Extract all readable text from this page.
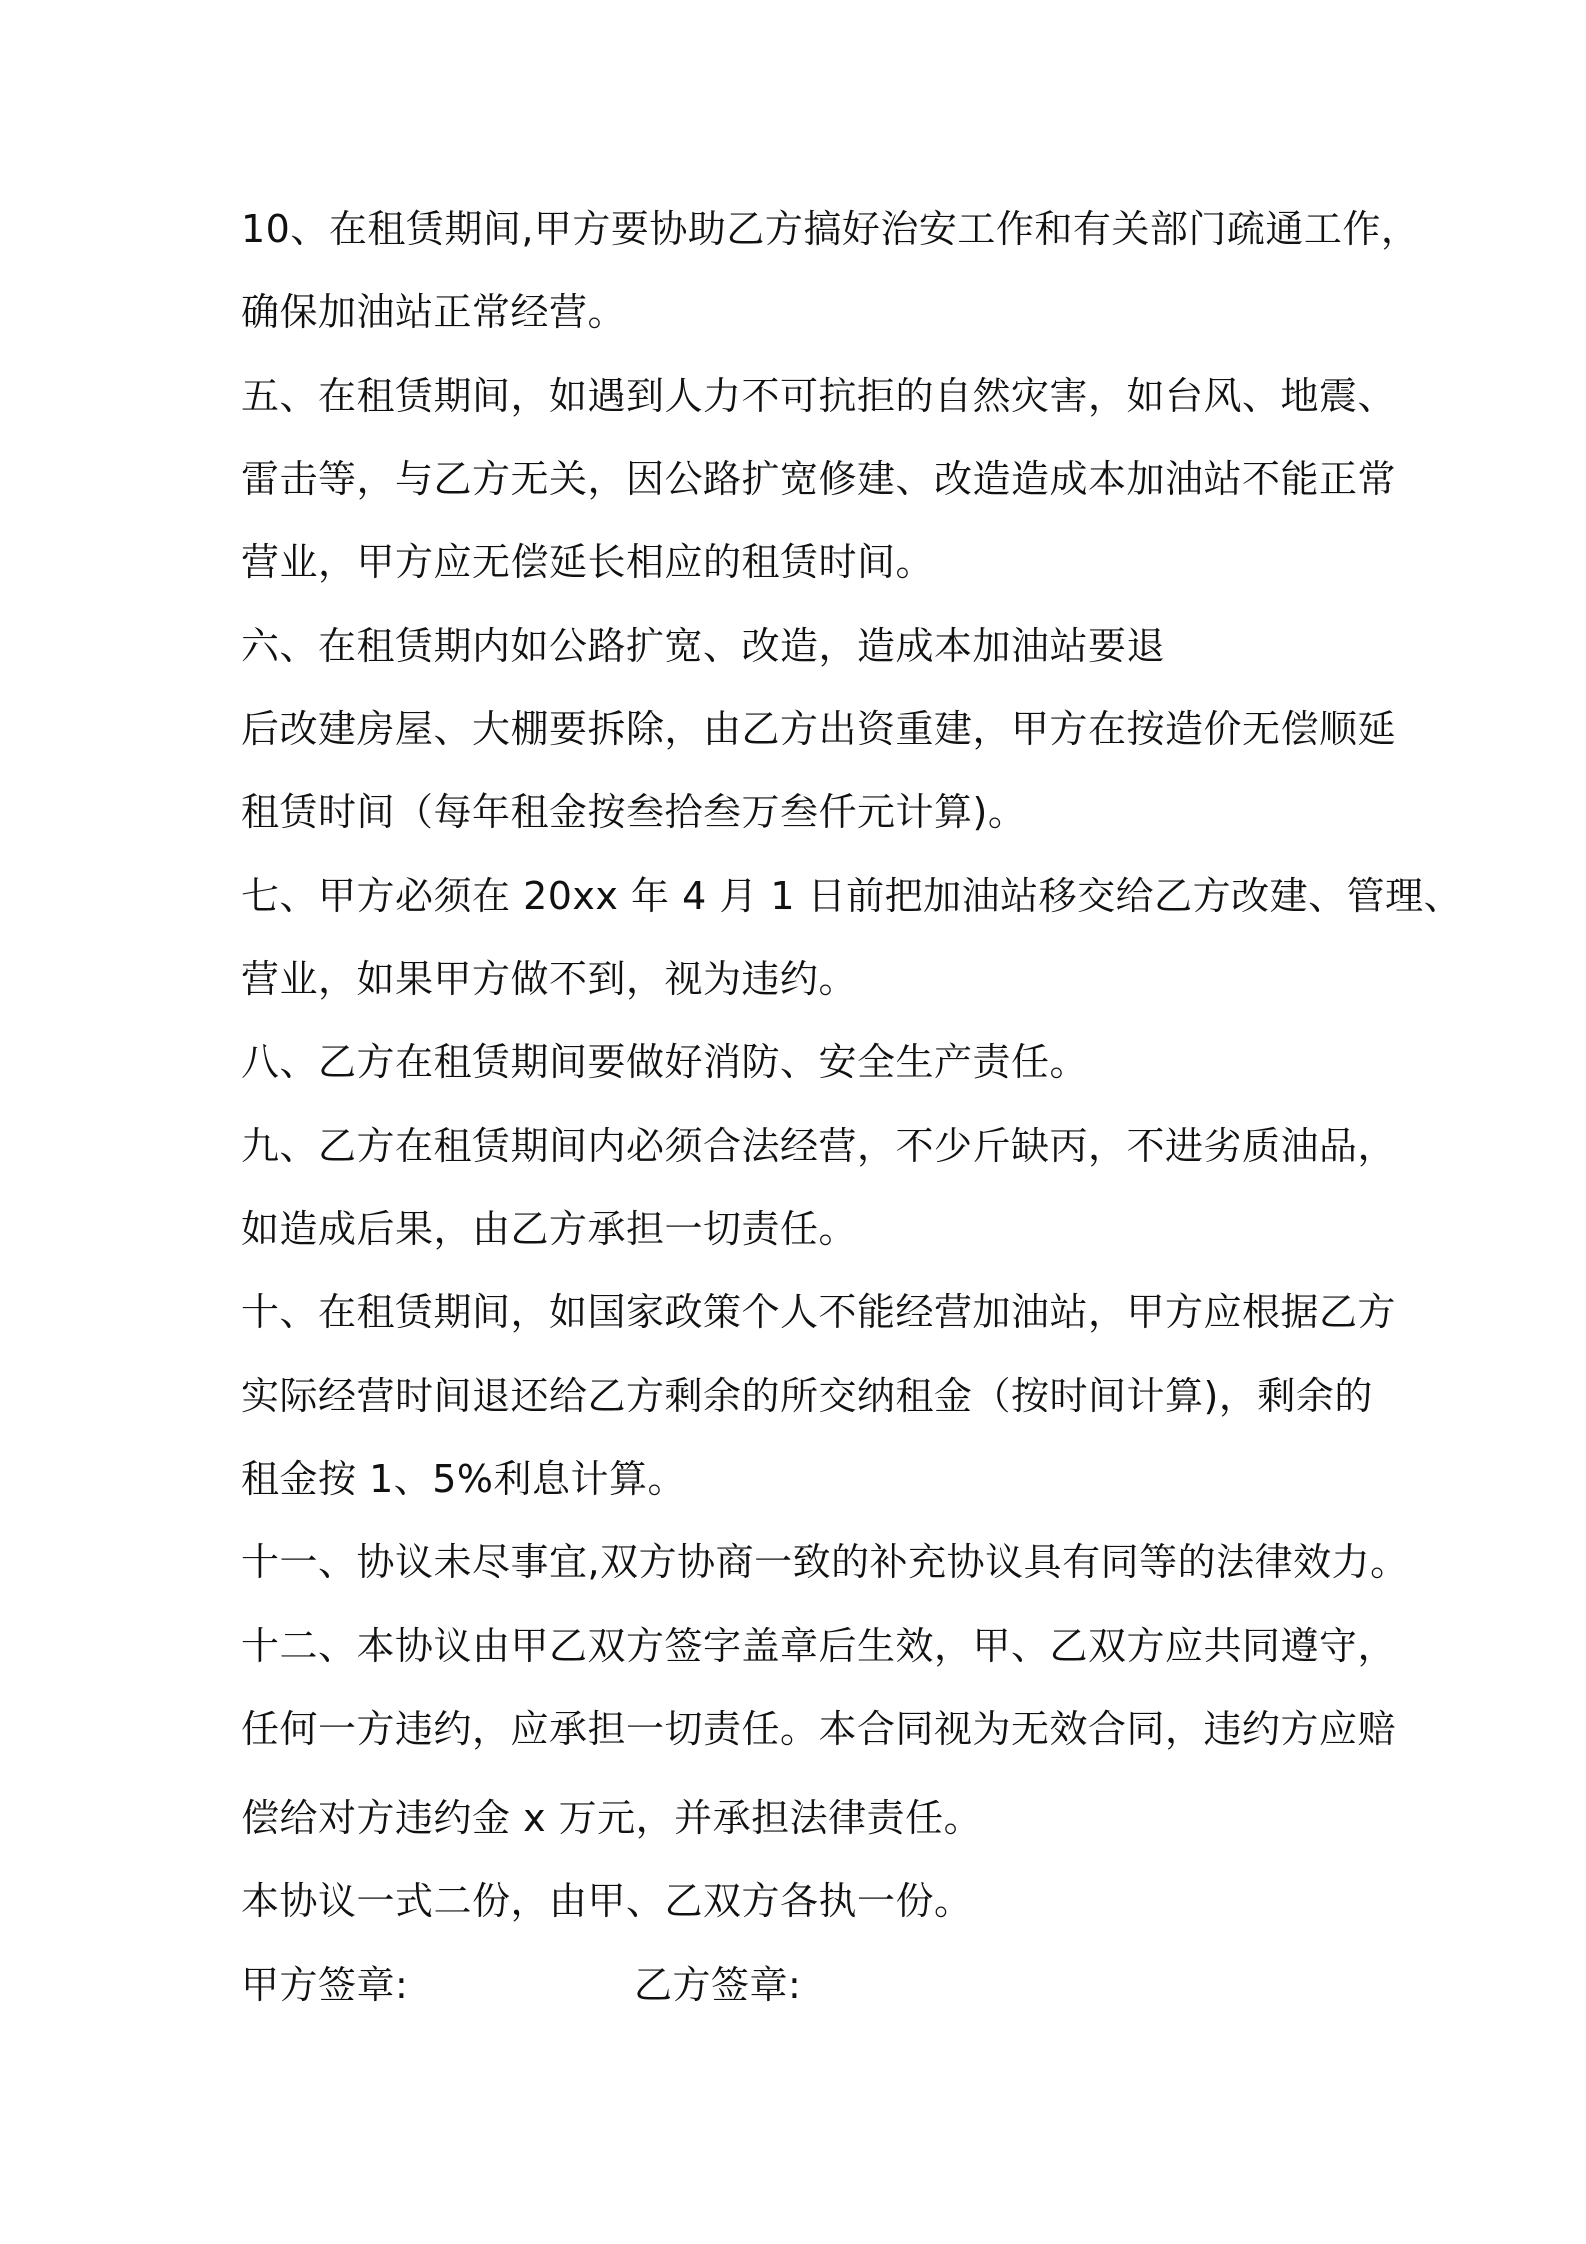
10、在租赁期间,甲方要协助乙方搞好治安工作和有关部门疏通工作，
确保加油站正常经营。
五、在租赁期间，如遇到人力不可抗拒的自然灾害，如台风、地震、
雷击等，与乙方无关，因公路扩宽修建、改造造成本加油站不能正常
营业，甲方应无偿延长相应的租赁时间。
六、在租赁期内如公路扩宽、改造，造成本加油站要退
后改建房屋、大棚要拆除，由乙方出资重建，甲方在按造价无偿顺延
租赁时间（每年租金按叁拾叁万叁仟元计算)。
七、甲方必须在 20xx 年 4 月 1 日前把加油站移交给乙方改建、管理、
营业，如果甲方做不到，视为违约。
八、乙方在租赁期间要做好消防、安全生产责任。
九、乙方在租赁期间内必须合法经营，不少斤缺丙，不进劣质油品，
如造成后果，由乙方承担一切责任。
十、在租赁期间，如国家政策个人不能经营加油站，甲方应根据乙方
实际经营时间退还给乙方剩余的所交纳租金（按时间计算)，剩余的
租金按 1、5%利息计算。
十一、协议未尽事宜,双方协商一致的补充协议具有同等的法律效力。
十二、本协议由甲乙双方签字盖章后生效，甲、乙双方应共同遵守，
任何一方违约，应承担一切责任。本合同视为无效合同，违约方应赔
偿给对方违约金 x 万元，并承担法律责任。
本协议一式二份，由甲、乙双方各执一份。
甲方签章:	乙方签章:
